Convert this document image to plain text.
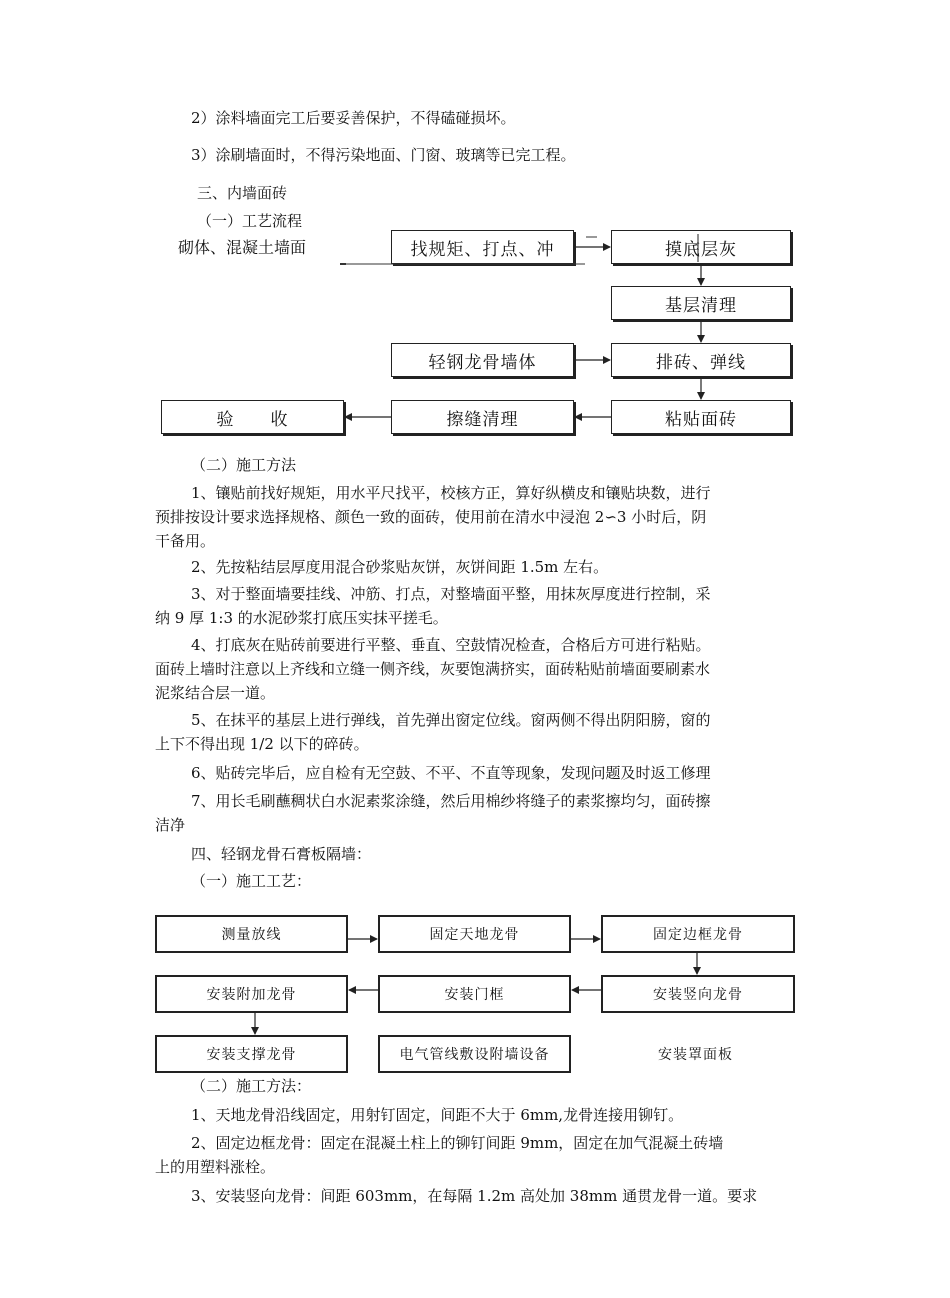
2）涂料墙面完工后要妥善保护，不得磕碰损坏。
3）涂刷墙面时，不得污染地面、门窗、玻璃等已完工程。
三、内墙面砖
（一）工艺流程
砌体、混凝土墙面	找规矩、打点、冲	摸底层灰
基层清理
轻钢龙骨墙体	排砖、弹线
验　　收	擦缝清理	粘贴面砖
（二）施工方法
1、镶贴前找好规矩，用水平尺找平，校核方正，算好纵横皮和镶贴块数，进行
预排按设计要求选择规格、颜色一致的面砖，使用前在清水中浸泡 2∽3 小时后，阴
干备用。
2、先按粘结层厚度用混合砂浆贴灰饼，灰饼间距 1.5m 左右。
3、对于整面墙要挂线、冲筋、打点，对整墙面平整，用抹灰厚度进行控制，采
纳 9 厚 1:3 的水泥砂浆打底压实抹平搓毛。
4、打底灰在贴砖前要进行平整、垂直、空鼓情况检查，合格后方可进行粘贴。
面砖上墙时注意以上齐线和立缝一侧齐线，灰要饱满挤实，面砖粘贴前墙面要刷素水
泥浆结合层一道。
5、在抹平的基层上进行弹线，首先弹出窗定位线。窗两侧不得出阴阳膀，窗的
上下不得出现 1/2 以下的碎砖。
6、贴砖完毕后，应自检有无空鼓、不平、不直等现象，发现问题及时返工修理
7、用长毛刷蘸稠状白水泥素浆涂缝，然后用棉纱将缝子的素浆擦均匀，面砖擦
洁净
四、轻钢龙骨石膏板隔墙：
（一）施工工艺：
测量放线	固定天地龙骨	固定边框龙骨
安装附加龙骨	安装门框	安装竖向龙骨
安装支撑龙骨	电气管线敷设附墙设备	安装罩面板
（二）施工方法：
1、天地龙骨沿线固定，用射钉固定，间距不大于 6mm,龙骨连接用铆钉。
2、固定边框龙骨：固定在混凝土柱上的铆钉间距 9mm，固定在加气混凝土砖墙
上的用塑料涨栓。
3、安装竖向龙骨：间距 603mm，在每隔 1.2m 高处加 38mm 通贯龙骨一道。要求
